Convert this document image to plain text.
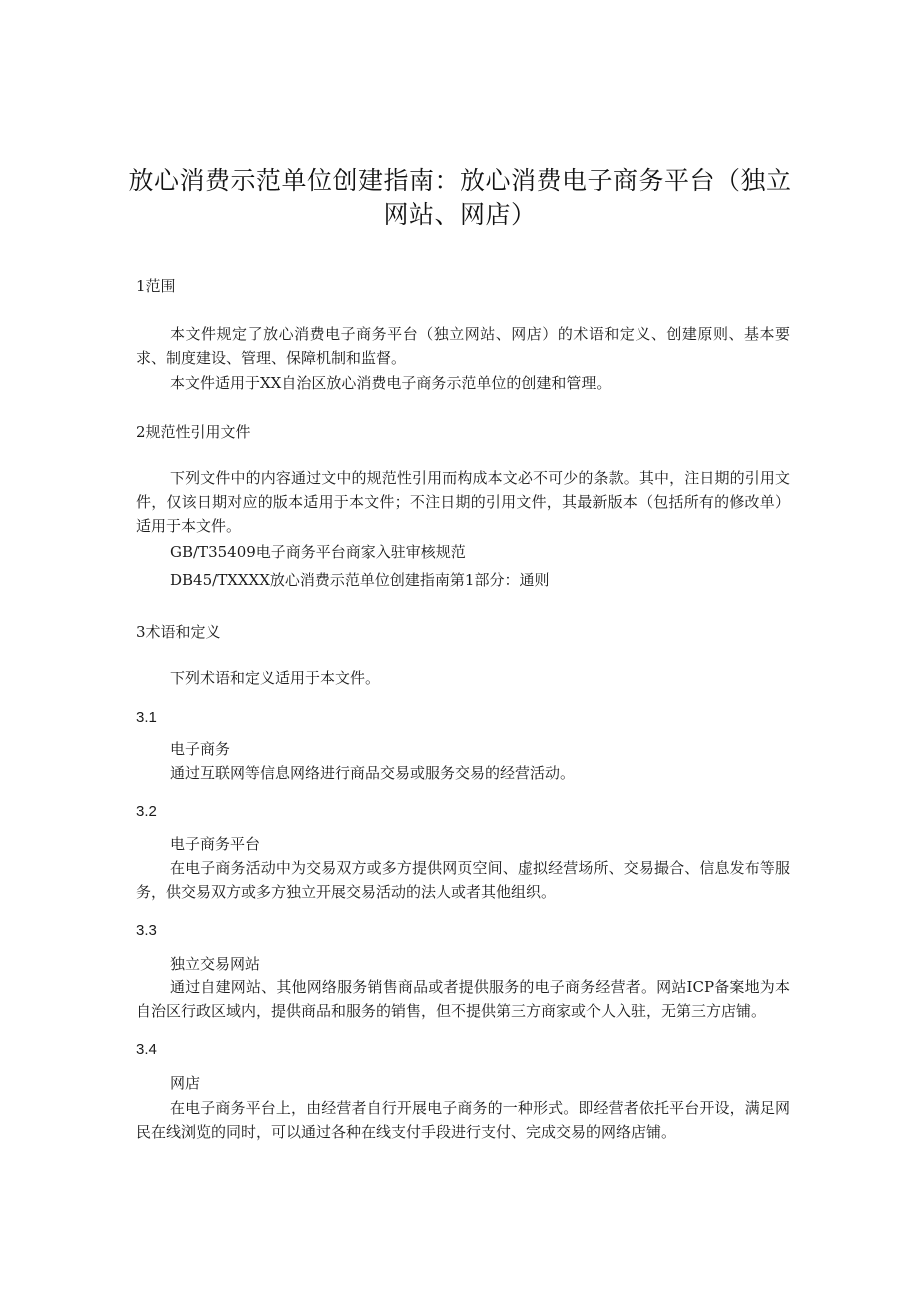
放心消费示范单位创建指南：放心消费电子商务平台（独立
网站、网店）
1范围
本文件规定了放心消费电子商务平台（独立网站、网店）的术语和定义、创建原则、基本要求、制度建设、管理、保障机制和监督。
本文件适用于XX自治区放心消费电子商务示范单位的创建和管理。
2规范性引用文件
下列文件中的内容通过文中的规范性引用而构成本文必不可少的条款。其中，注日期的引用文件，仅该日期对应的版本适用于本文件；不注日期的引用文件，其最新版本（包括所有的修改单）适用于本文件。
GB/T35409电子商务平台商家入驻审核规范
DB45/TXXXX放心消费示范单位创建指南第1部分：通则
3术语和定义
下列术语和定义适用于本文件。
3.1
电子商务
通过互联网等信息网络进行商品交易或服务交易的经营活动。
3.2
电子商务平台
在电子商务活动中为交易双方或多方提供网页空间、虚拟经营场所、交易撮合、信息发布等服务，供交易双方或多方独立开展交易活动的法人或者其他组织。
3.3
独立交易网站
通过自建网站、其他网络服务销售商品或者提供服务的电子商务经营者。网站ICP备案地为本自治区行政区域内，提供商品和服务的销售，但不提供第三方商家或个人入驻，无第三方店铺。
3.4
网店
在电子商务平台上，由经营者自行开展电子商务的一种形式。即经营者依托平台开设，满足网民在线浏览的同时，可以通过各种在线支付手段进行支付、完成交易的网络店铺。
